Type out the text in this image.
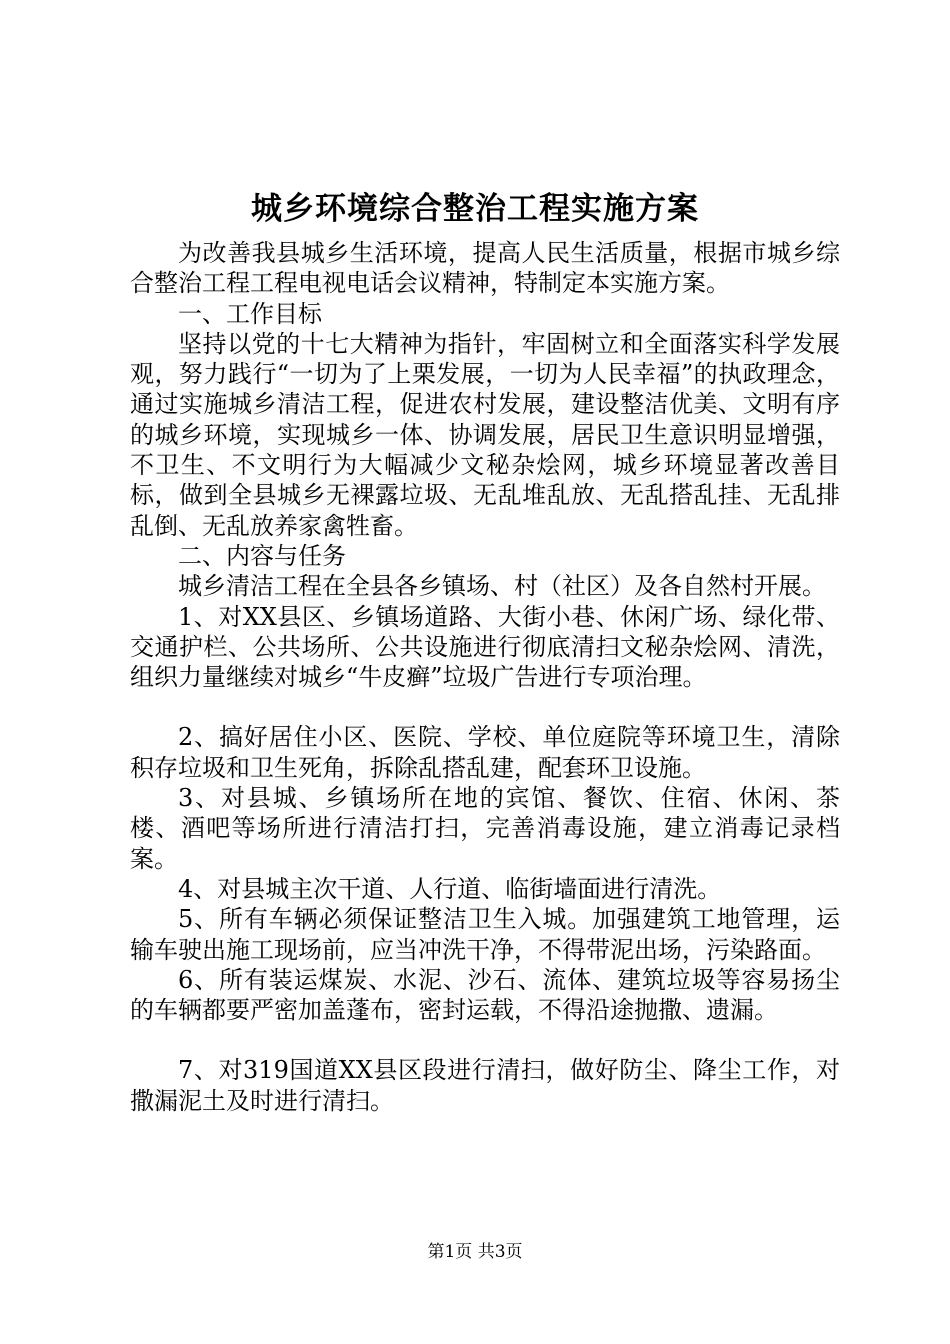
城乡环境综合整治工程实施方案

为改善我县城乡生活环境，提高人民生活质量，根据市城乡综合整治工程工程电视电话会议精神，特制定本实施方案。

一、工作目标

坚持以党的十七大精神为指针，牢固树立和全面落实科学发展观，努力践行“一切为了上栗发展，一切为人民幸福”的执政理念，通过实施城乡清洁工程，促进农村发展，建设整洁优美、文明有序的城乡环境，实现城乡一体、协调发展，居民卫生意识明显增强，不卫生、不文明行为大幅减少文秘杂烩网，城乡环境显著改善目标，做到全县城乡无裸露垃圾、无乱堆乱放、无乱搭乱挂、无乱排乱倒、无乱放养家禽牲畜。

二、内容与任务

城乡清洁工程在全县各乡镇场、村（社区）及各自然村开展。

1、对XX县区、乡镇场道路、大街小巷、休闲广场、绿化带、交通护栏、公共场所、公共设施进行彻底清扫文秘杂烩网、清洗，组织力量继续对城乡“牛皮癣”垃圾广告进行专项治理。

2、搞好居住小区、医院、学校、单位庭院等环境卫生，清除积存垃圾和卫生死角，拆除乱搭乱建，配套环卫设施。

3、对县城、乡镇场所在地的宾馆、餐饮、住宿、休闲、茶楼、酒吧等场所进行清洁打扫，完善消毒设施，建立消毒记录档案。

4、对县城主次干道、人行道、临街墙面进行清洗。

5、所有车辆必须保证整洁卫生入城。加强建筑工地管理，运输车驶出施工现场前，应当冲洗干净，不得带泥出场，污染路面。

6、所有装运煤炭、水泥、沙石、流体、建筑垃圾等容易扬尘的车辆都要严密加盖蓬布，密封运载，不得沿途抛撒、遗漏。

7、对319国道XX县区段进行清扫，做好防尘、降尘工作，对撒漏泥土及时进行清扫。

第1页 共3页
